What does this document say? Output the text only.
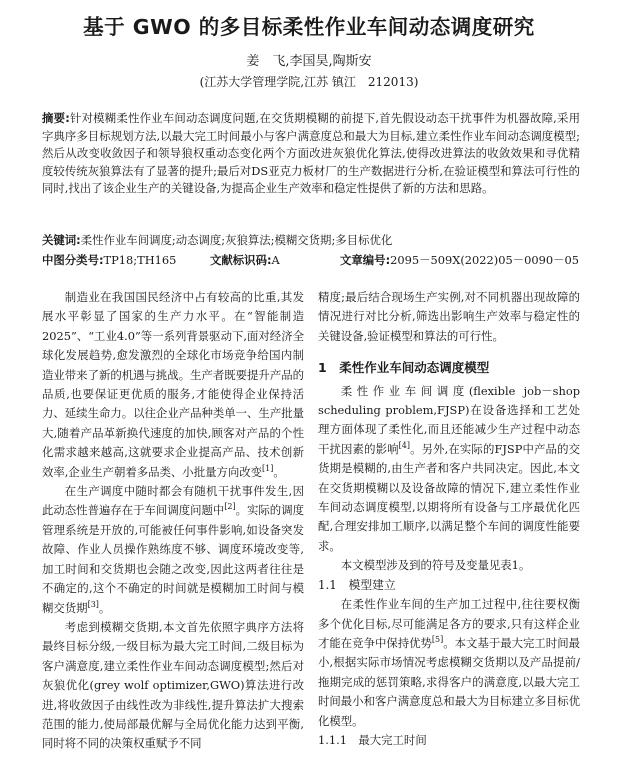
基于 GWO 的多目标柔性作业车间动态调度研究
姜　飞,李国昊,陶斯安
(江苏大学管理学院,江苏 镇江　212013)
摘要:针对模糊柔性作业车间动态调度问题,在交货期模糊的前提下,首先假设动态干扰事件为机器故障,采用字典序多目标规划方法,以最大完工时间最小与客户满意度总和最大为目标,建立柔性作业车间动态调度模型;然后从改变收敛因子和领导狼权重动态变化两个方面改进灰狼优化算法,使得改进算法的收敛效果和寻优精度较传统灰狼算法有了显著的提升;最后对DS亚克力板材厂的生产数据进行分析,在验证模型和算法可行性的同时,找出了该企业生产的关键设备,为提高企业生产效率和稳定性提供了新的方法和思路。
关键词:柔性作业车间调度;动态调度;灰狼算法;模糊交货期;多目标优化
中图分类号:TP18;TH165	文献标识码:A	文章编号:2095－509X(2022)05－0090－05

制造业在我国国民经济中占有较高的比重,其发展水平彰显了国家的生产力水平。在“智能制造2025”、“工业4.0”等一系列背景驱动下,面对经济全球化发展趋势,愈发激烈的全球化市场竞争给国内制造业带来了新的机遇与挑战。生产者既要提升产品的品质,也要保证更优质的服务,才能使得企业保持活力、延续生命力。以往企业产品种类单一、生产批量大,随着产品革新换代速度的加快,顾客对产品的个性化需求越来越高,这就要求企业提高产品、技术创新效率,企业生产朝着多品类、小批量方向改变[1]。

在生产调度中随时都会有随机干扰事件发生,因此动态性普遍存在于车间调度问题中[2]。实际的调度管理系统是开放的,可能被任何事件影响,如设备突发故障、作业人员操作熟练度不够、调度环境改变等,加工时间和交货期也会随之改变,因此这两者往往是不确定的,这个不确定的时间就是模糊加工时间与模糊交货期[3]。

考虑到模糊交货期,本文首先依照字典序方法将最终目标分级,一级目标为最大完工时间,二级目标为客户满意度,建立柔性作业车间动态调度模型;然后对灰狼优化(grey wolf optimizer,GWO)算法进行改进,将收敛因子由线性改为非线性,提升算法扩大搜索范围的能力,使局部最优解与全局优化能力达到平衡,同时将不同的决策权重赋予不同

精度;最后结合现场生产实例,对不同机器出现故障的情况进行对比分析,筛选出影响生产效率与稳定性的关键设备,验证模型和算法的可行性。

1　柔性作业车间动态调度模型

柔性作业车间调度(flexible job－shop scheduling problem,FJSP)在设备选择和工艺处理方面体现了柔性化,而且还能减少生产过程中动态干扰因素的影响[4]。另外,在实际的FJSP中产品的交货期是模糊的,由生产者和客户共同决定。因此,本文在交货期模糊以及设备故障的情况下,建立柔性作业车间动态调度模型,以期将所有设备与工序最优化匹配,合理安排加工顺序,以满足整个车间的调度性能要求。

本文模型涉及到的符号及变量见表1。

1.1　模型建立

在柔性作业车间的生产加工过程中,往往要权衡多个优化目标,尽可能满足各方的要求,只有这样企业才能在竞争中保持优势[5]。本文基于最大完工时间最小,根据实际市场情况考虑模糊交货期以及产品提前/拖期完成的惩罚策略,求得客户的满意度,以最大完工时间最小和客户满意度总和最大为目标建立多目标优化模型。

1.1.1　最大完工时间
